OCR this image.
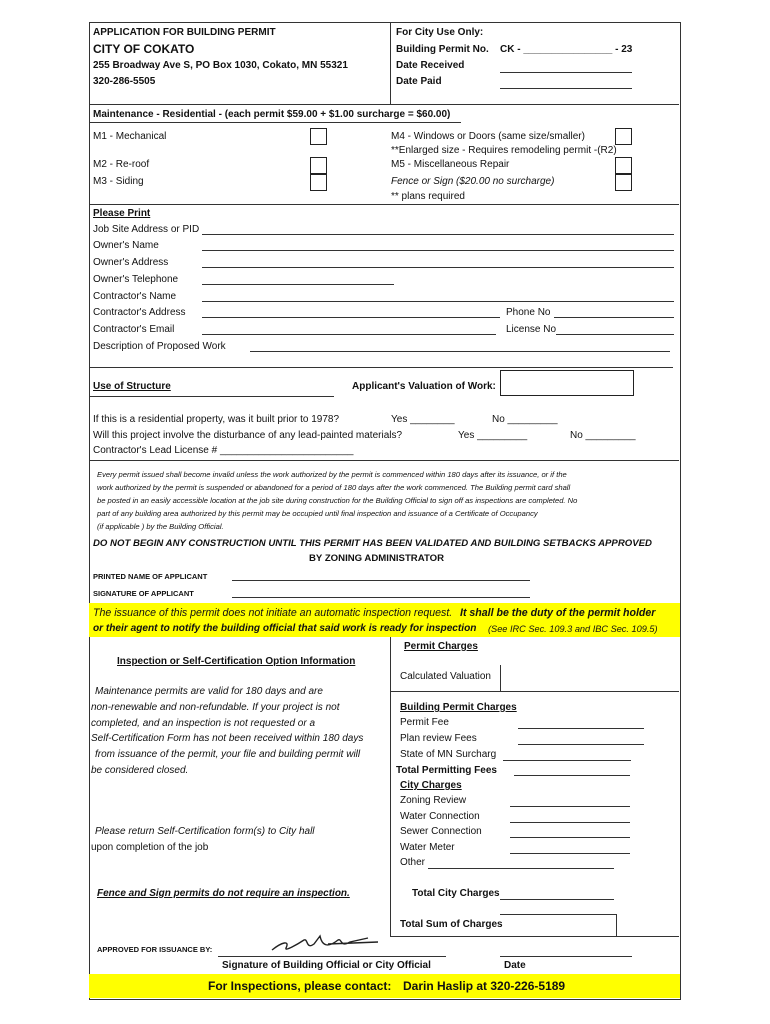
APPLICATION FOR BUILDING PERMIT
CITY OF COKATO
255 Broadway Ave S, PO Box 1030, Cokato, MN 55321
320-286-5505
For City Use Only:
Building Permit No. CK - ________________ - 23
Date Received
Date Paid
Maintenance - Residential - (each permit $59.00 + $1.00 surcharge = $60.00)
M1 - Mechanical
M2 - Re-roof
M3 - Siding
M4 - Windows or Doors (same size/smaller)
**Enlarged size - Requires remodeling permit -(R2)
M5 - Miscellaneous Repair
Fence or Sign ($20.00 no surcharge)
** plans required
Please Print
Job Site Address or PID
Owner's Name
Owner's Address
Owner's Telephone
Contractor's Name
Contractor's Address	Phone No
Contractor's Email	License No
Description of Proposed Work
Use of Structure	Applicant's Valuation of Work:
If this is a residential property, was it built prior to 1978?	Yes ________	No _________
Will this project involve the disturbance of any lead-painted materials?	Yes _________	No _________
Contractor's Lead License # ________________________
Every permit issued shall become invalid unless the work authorized by the permit is commenced within 180 days after its issuance, or if the
work authorized by the permit is suspended or abandoned for a period of 180 days after the work commenced. The Building permit card shall
be posted in an easily accessible location at the job site during construction for the Building Official to sign off as inspections are completed. No
part of any building area authorized by this permit may be occupied until final inspection and issuance of a Certificate of Occupancy
(if applicable ) by the Building Official.
DO NOT BEGIN ANY CONSTRUCTION UNTIL THIS PERMIT HAS BEEN VALIDATED AND BUILDING SETBACKS APPROVED
BY ZONING ADMINISTRATOR
PRINTED NAME OF APPLICANT
SIGNATURE OF APPLICANT
The issuance of this permit does not initiate an automatic inspection request. It shall be the duty of the permit holder
or their agent to notify the building official that said work is ready for inspection (See IRC Sec. 109.3 and IBC Sec. 109.5)
Inspection or Self-Certification Option Information
Maintenance permits are valid for 180 days and are
non-renewable and non-refundable. If your project is not
completed, and an inspection is not requested or a
Self-Certification Form has not been received within 180 days
from issuance of the permit, your file and building permit will
be considered closed.
Please return Self-Certification form(s) to City hall
upon completion of the job
Fence and Sign permits do not require an inspection.
Permit Charges
Calculated Valuation
Building Permit Charges
Permit Fee
Plan review Fees
State of MN Surcharg
Total Permitting Fees
City Charges
Zoning Review
Water Connection
Sewer Connection
Water Meter
Other
Total City Charges
Total Sum of Charges
APPROVED FOR ISSUANCE BY:
Signature of Building Official or City Official	Date
For Inspections, please contact: Darin Haslip at 320-226-5189
